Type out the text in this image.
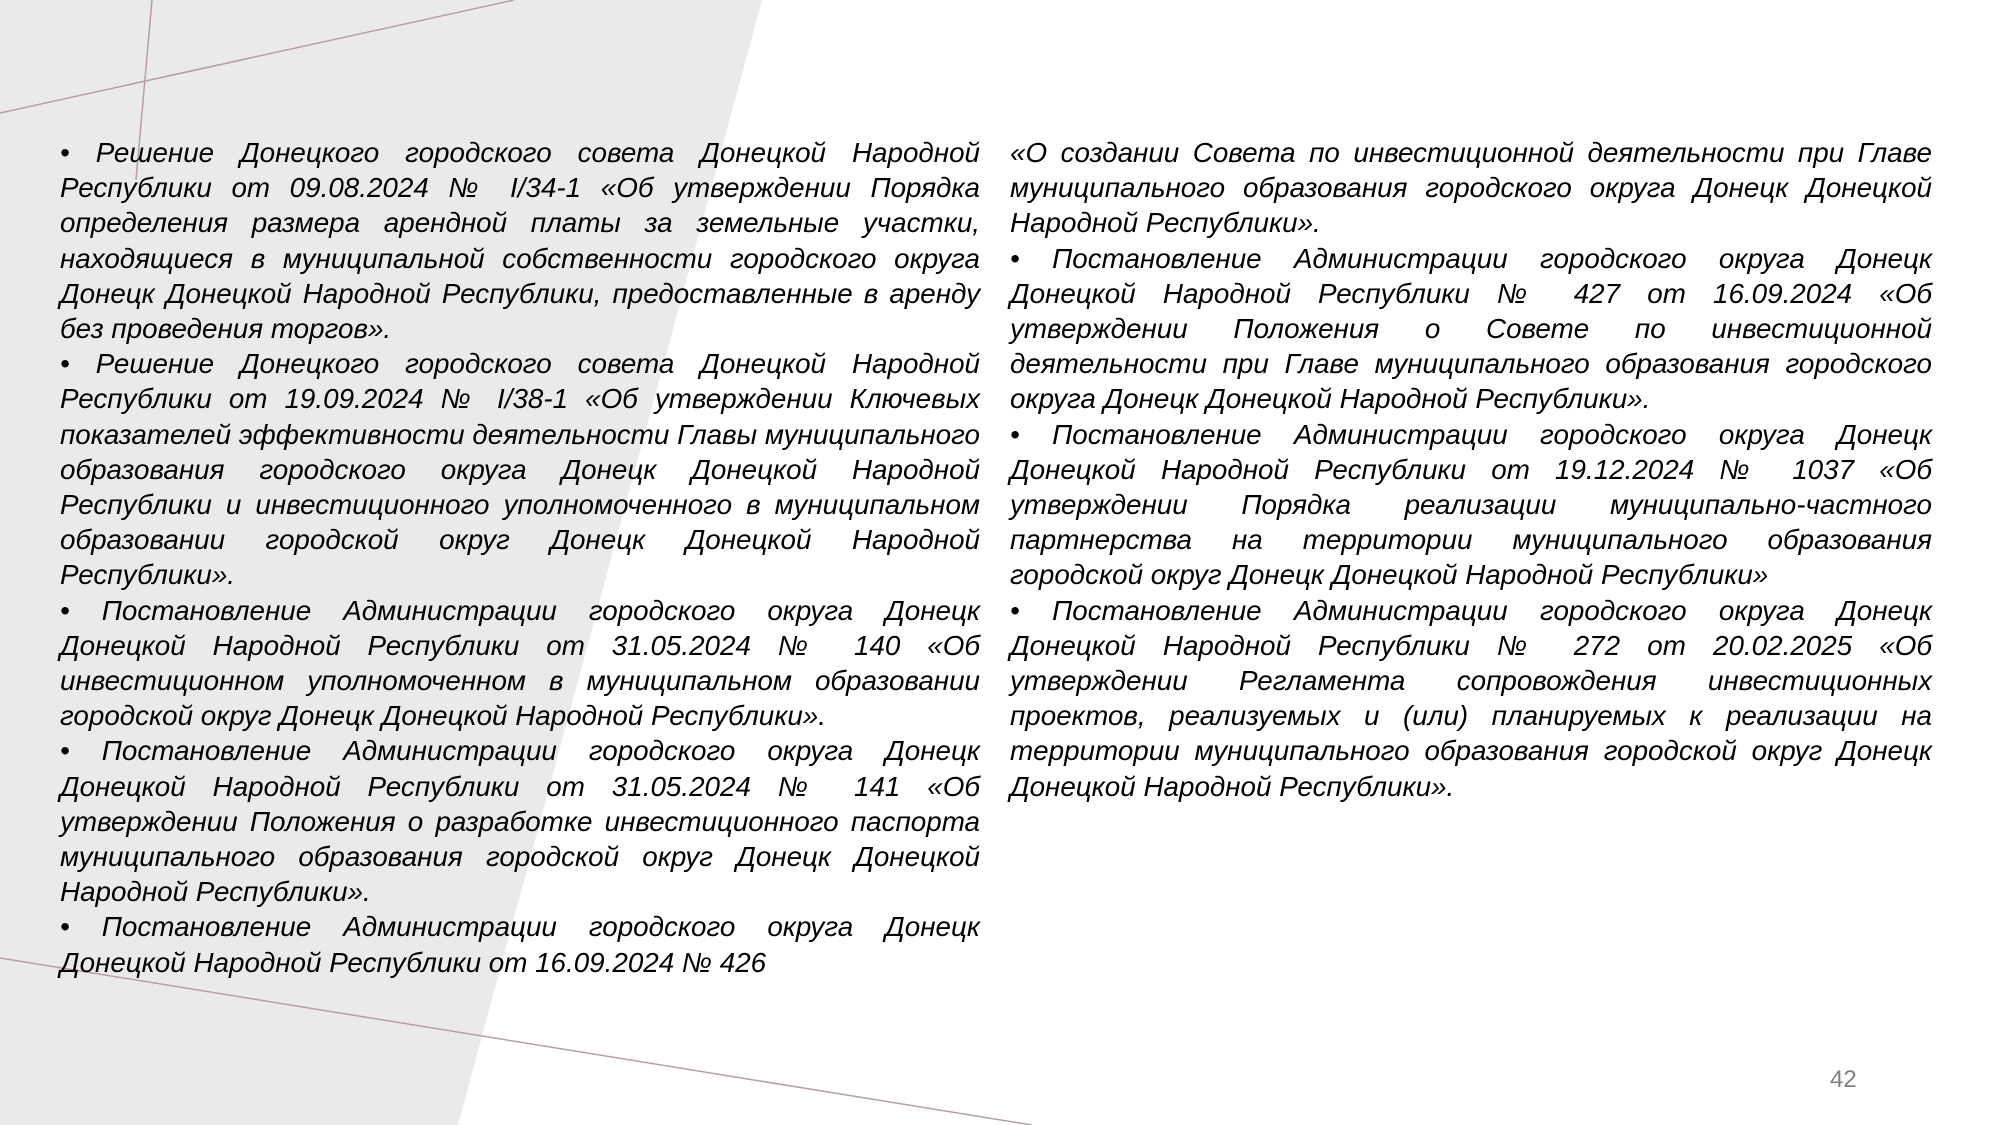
• Решение Донецкого городского совета Донецкой Народной Республики от 09.08.2024 № I/34-1 «Об утверждении Порядка определения размера арендной платы за земельные участки, находящиеся в муниципальной собственности городского округа Донецк Донецкой Народной Республики, предоставленные в аренду без проведения торгов».

• Решение Донецкого городского совета Донецкой Народной Республики от 19.09.2024 № I/38-1 «Об утверждении Ключевых показателей эффективности деятельности Главы муниципального образования городского округа Донецк Донецкой Народной Республики и инвестиционного уполномоченного в муниципальном образовании городской округ Донецк Донецкой Народной Республики».

• Постановление Администрации городского округа Донецк Донецкой Народной Республики от 31.05.2024 № 140 «Об инвестиционном уполномоченном в муниципальном образовании городской округ Донецк Донецкой Народной Республики».

• Постановление Администрации городского округа Донецк Донецкой Народной Республики от 31.05.2024 № 141 «Об утверждении Положения о разработке инвестиционного паспорта муниципального образования городской округ Донецк Донецкой Народной Республики».

• Постановление Администрации городского округа Донецк Донецкой Народной Республики от 16.09.2024 № 426

«О создании Совета по инвестиционной деятельности при Главе муниципального образования городского округа Донецк Донецкой Народной Республики».

• Постановление Администрации городского округа Донецк Донецкой Народной Республики № 427 от 16.09.2024 «Об утверждении Положения о Совете по инвестиционной деятельности при Главе муниципального образования городского округа Донецк Донецкой Народной Республики».

• Постановление Администрации городского округа Донецк Донецкой Народной Республики от 19.12.2024 № 1037 «Об утверждении Порядка реализации муниципально-частного партнерства на территории муниципального образования городской округ Донецк Донецкой Народной Республики»

• Постановление Администрации городского округа Донецк Донецкой Народной Республики № 272 от 20.02.2025 «Об утверждении Регламента сопровождения инвестиционных проектов, реализуемых и (или) планируемых к реализации на территории муниципального образования городской округ Донецк Донецкой Народной Республики».

42
